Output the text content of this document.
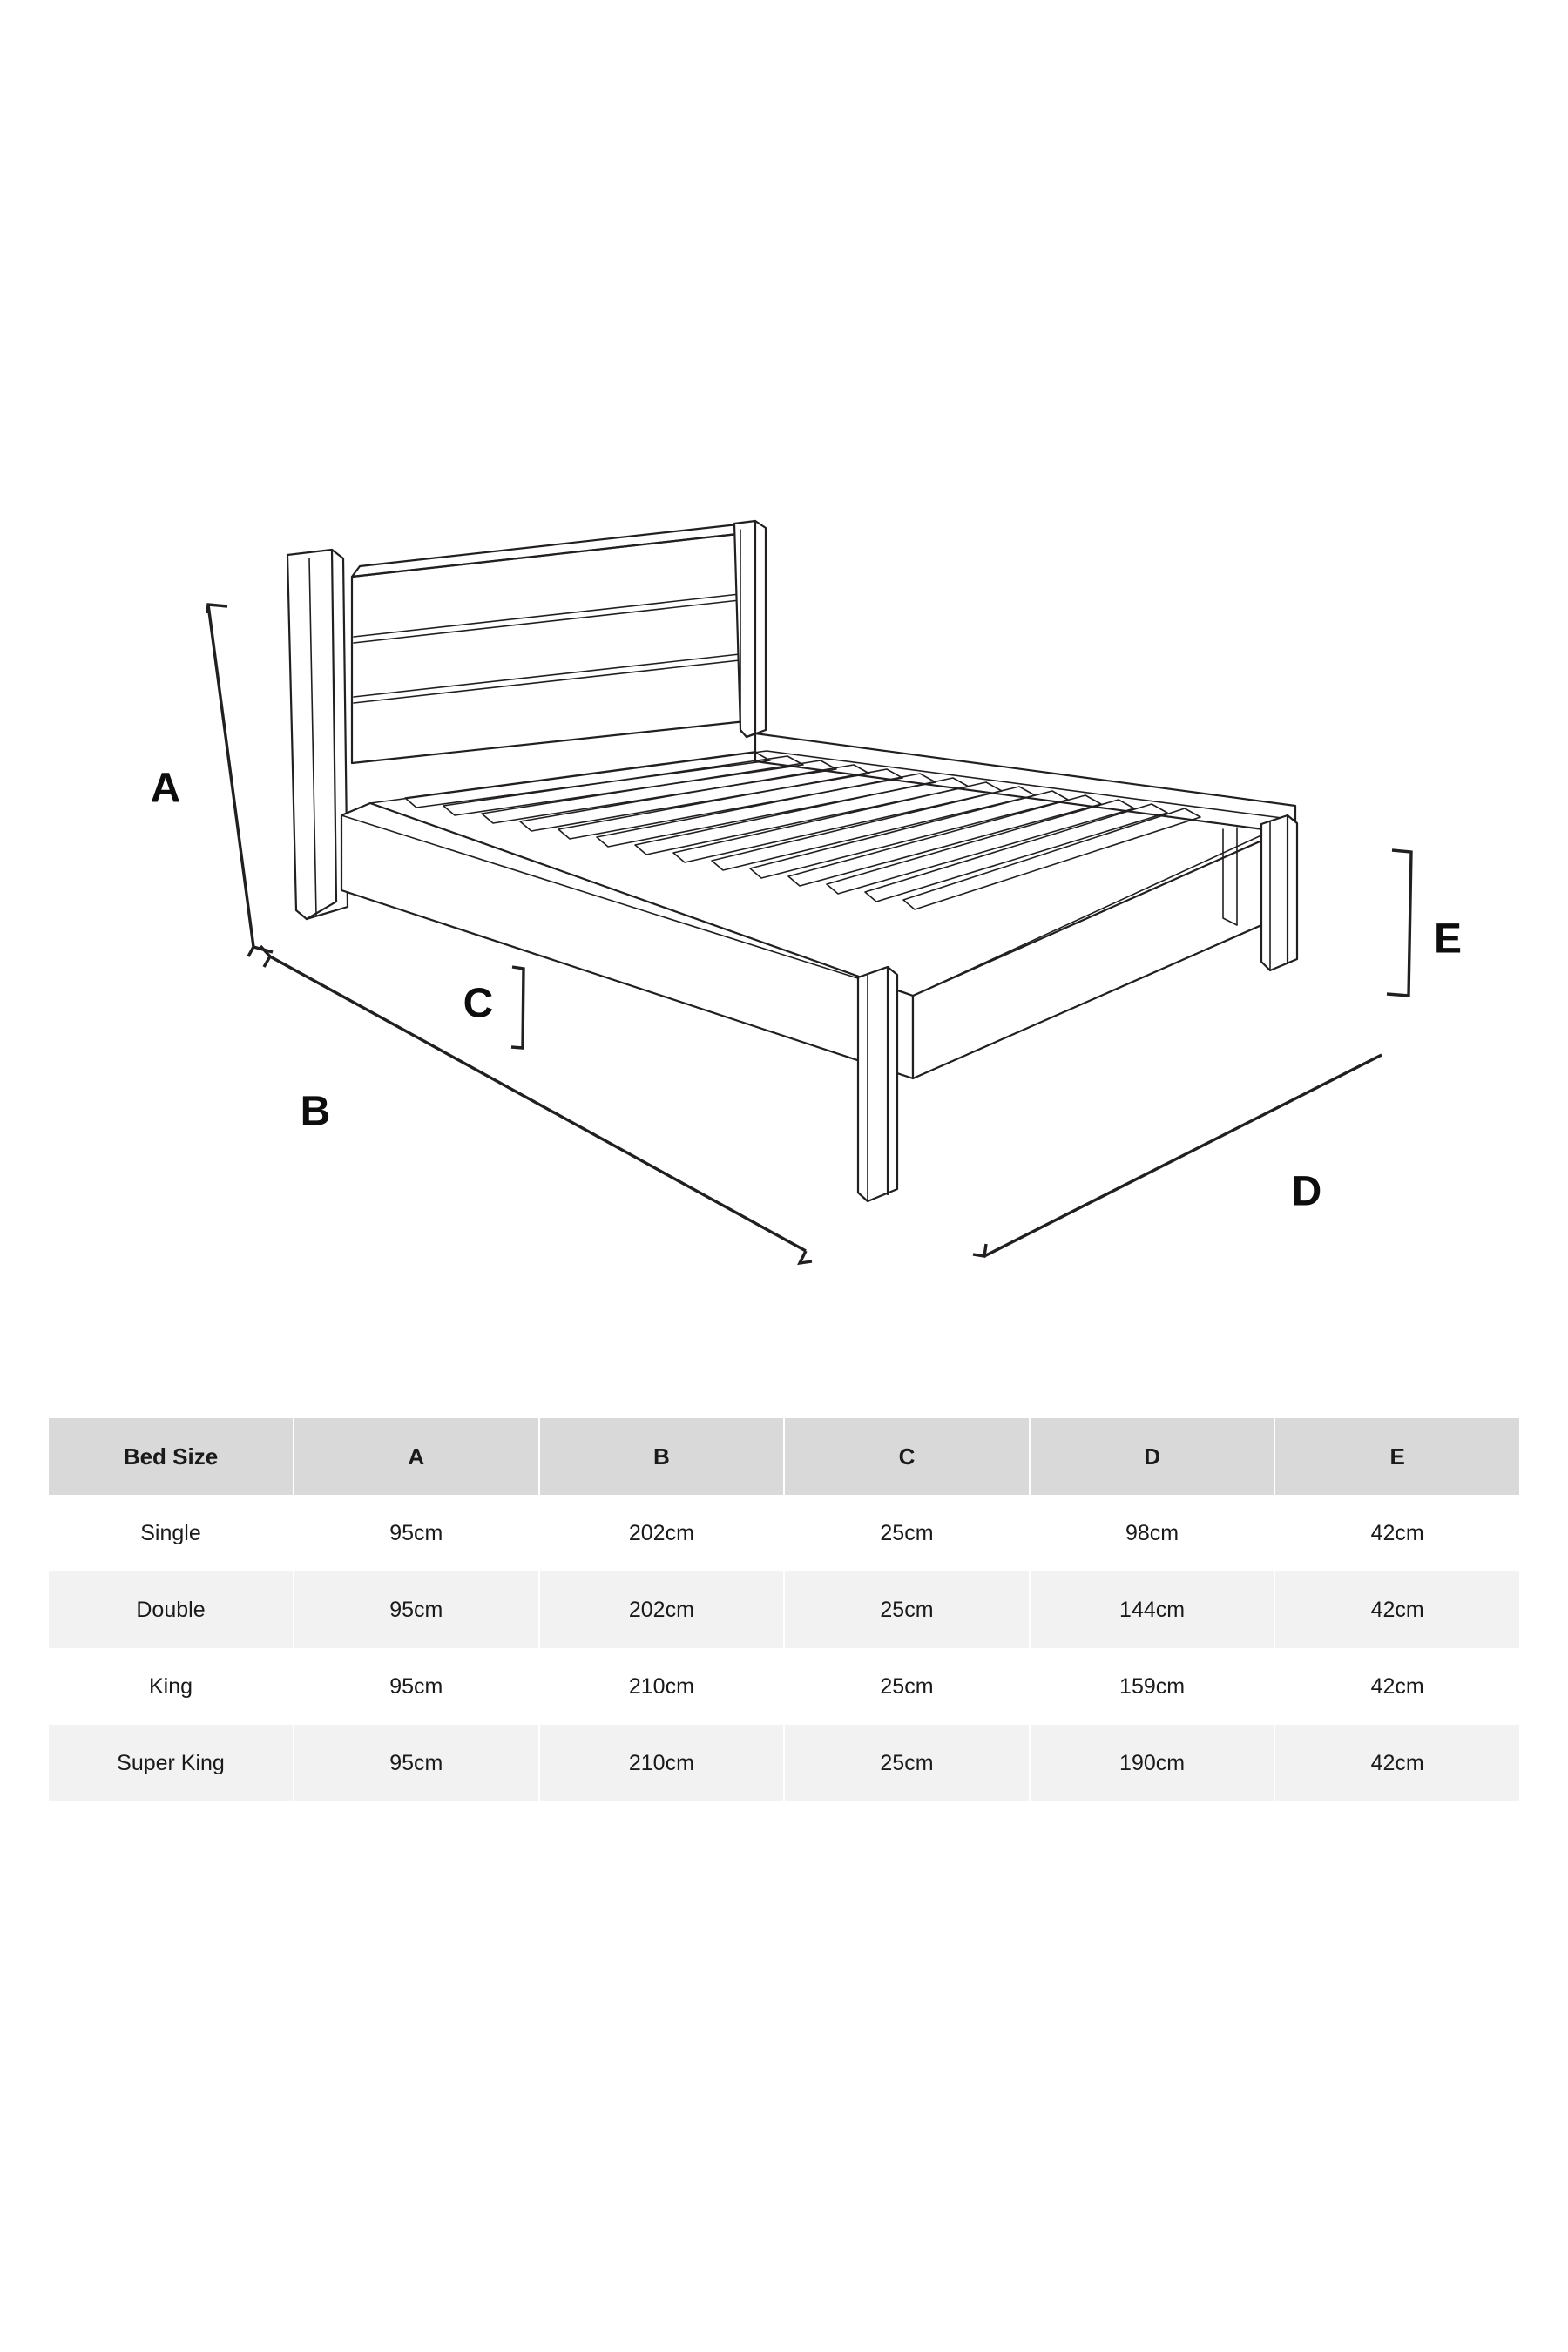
A
B
C
D
E
Bed Size	A	B	C	D	E
Single	95cm	202cm	25cm	98cm	42cm
Double	95cm	202cm	25cm	144cm	42cm
King	95cm	210cm	25cm	159cm	42cm
Super King	95cm	210cm	25cm	190cm	42cm
